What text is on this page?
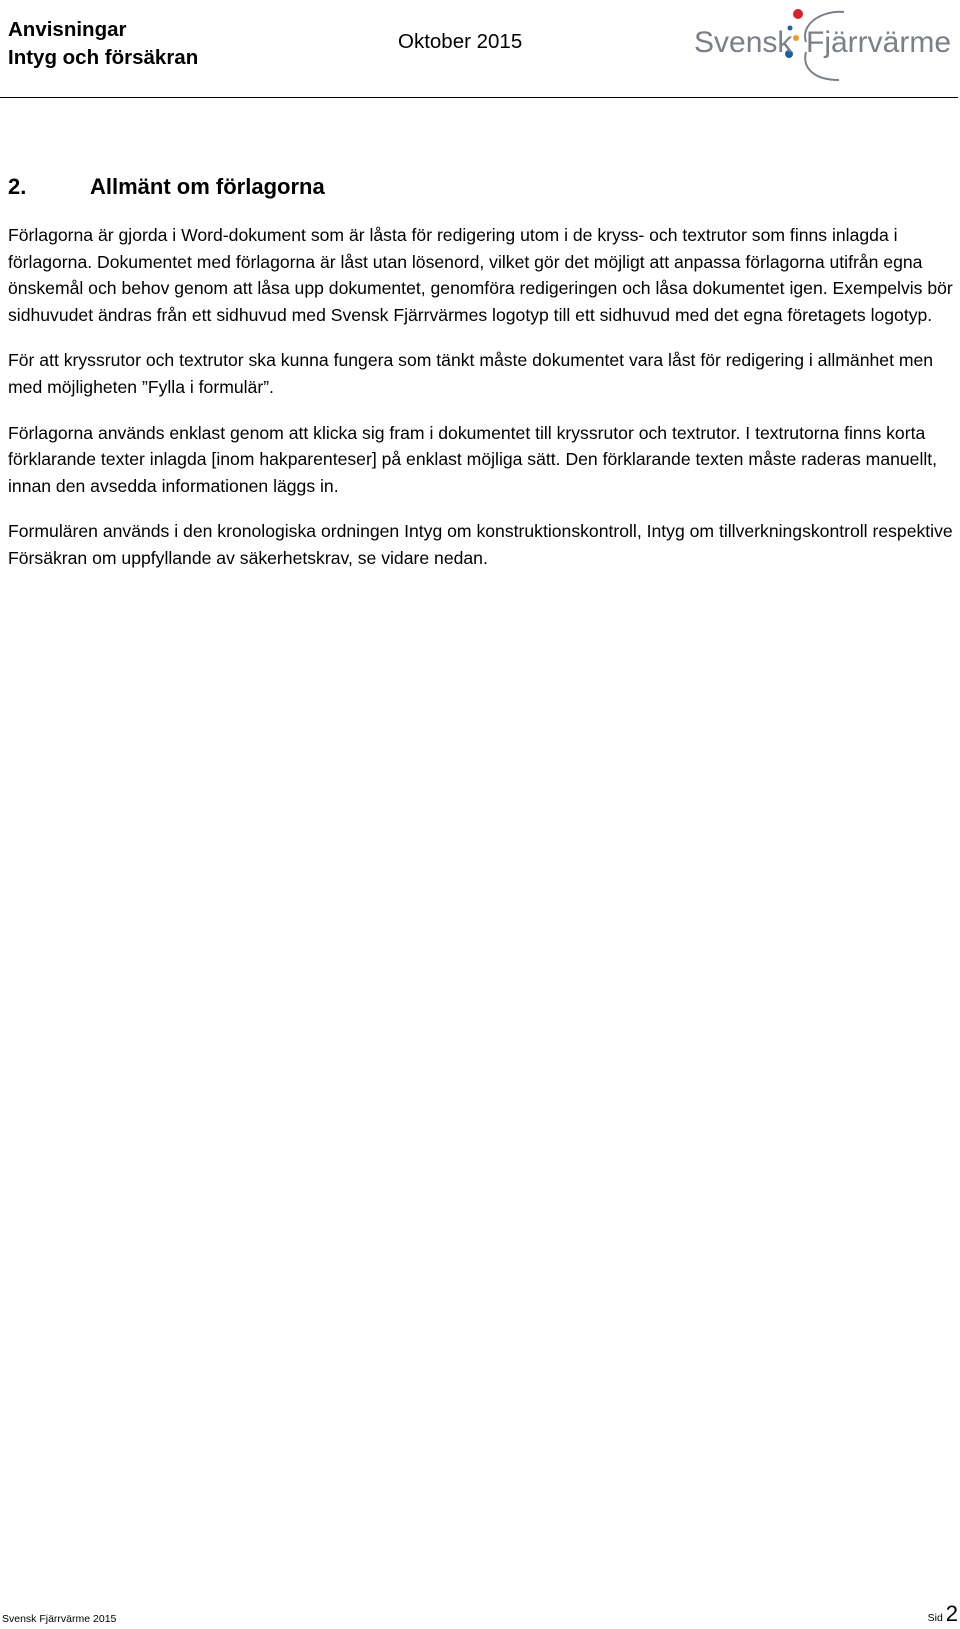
Anvisningar
Intyg och försäkran
Oktober 2015	Svensk Fjärrvärme
2.	Allmänt om förlagorna

Förlagorna är gjorda i Word-dokument som är låsta för redigering utom i de kryss- och textrutor som finns inlagda i förlagorna. Dokumentet med förlagorna är låst utan lösenord, vilket gör det möjligt att anpassa förlagorna utifrån egna önskemål och behov genom att låsa upp dokumentet, genomföra redigeringen och låsa dokumentet igen. Exempelvis bör sidhuvudet ändras från ett sidhuvud med Svensk Fjärrvärmes logotyp till ett sidhuvud med det egna företagets logotyp.

För att kryssrutor och textrutor ska kunna fungera som tänkt måste dokumentet vara låst för redigering i allmänhet men med möjligheten ”Fylla i formulär”.

Förlagorna används enklast genom att klicka sig fram i dokumentet till kryssrutor och textrutor. I textrutorna finns korta förklarande texter inlagda [inom hakparenteser] på enklast möjliga sätt. Den förklarande texten måste raderas manuellt, innan den avsedda informationen läggs in.

Formulären används i den kronologiska ordningen Intyg om konstruktionskontroll, Intyg om tillverkningskontroll respektive Försäkran om uppfyllande av säkerhetskrav, se vidare nedan.

Svensk Fjärrvärme 2015	Sid 2
